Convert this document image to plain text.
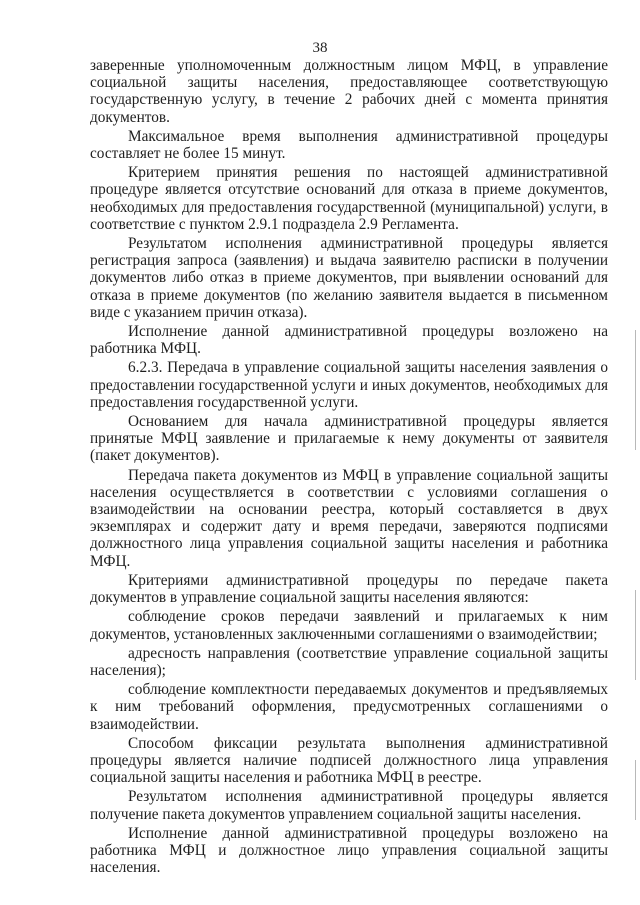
38

заверенные уполномоченным должностным лицом МФЦ, в управление социальной защиты населения, предоставляющее соответствующую государственную услугу, в течение 2 рабочих дней с момента принятия документов.

Максимальное время выполнения административной процедуры составляет не более 15 минут.

Критерием принятия решения по настоящей административной процедуре является отсутствие оснований для отказа в приеме документов, необходимых для предоставления государственной (муниципальной) услуги, в соответствие с пунктом 2.9.1 подраздела 2.9 Регламента.

Результатом исполнения административной процедуры является регистрация запроса (заявления) и выдача заявителю расписки в получении документов либо отказ в приеме документов, при выявлении оснований для отказа в приеме документов (по желанию заявителя выдается в письменном виде с указанием причин отказа).

Исполнение данной административной процедуры возложено на работника МФЦ.

6.2.3. Передача в управление социальной защиты населения заявления о предоставлении государственной услуги и иных документов, необходимых для предоставления государственной услуги.

Основанием для начала административной процедуры является принятые МФЦ заявление и прилагаемые к нему документы от заявителя (пакет документов).

Передача пакета документов из МФЦ в управление социальной защиты населения осуществляется в соответствии с условиями соглашения о взаимодействии на основании реестра, который составляется в двух экземплярах и содержит дату и время передачи, заверяются подписями должностного лица управления социальной защиты населения и работника МФЦ.

Критериями административной процедуры по передаче пакета документов в управление социальной защиты населения являются:

соблюдение сроков передачи заявлений и прилагаемых к ним документов, установленных заключенными соглашениями о взаимодействии;

адресность направления (соответствие управление социальной защиты населения);

соблюдение комплектности передаваемых документов и предъявляемых к ним требований оформления, предусмотренных соглашениями о взаимодействии.

Способом фиксации результата выполнения административной процедуры является наличие подписей должностного лица управления социальной защиты населения и работника МФЦ в реестре.

Результатом исполнения административной процедуры является получение пакета документов управлением социальной защиты населения.

Исполнение данной административной процедуры возложено на работника МФЦ и должностное лицо управления социальной защиты населения.
